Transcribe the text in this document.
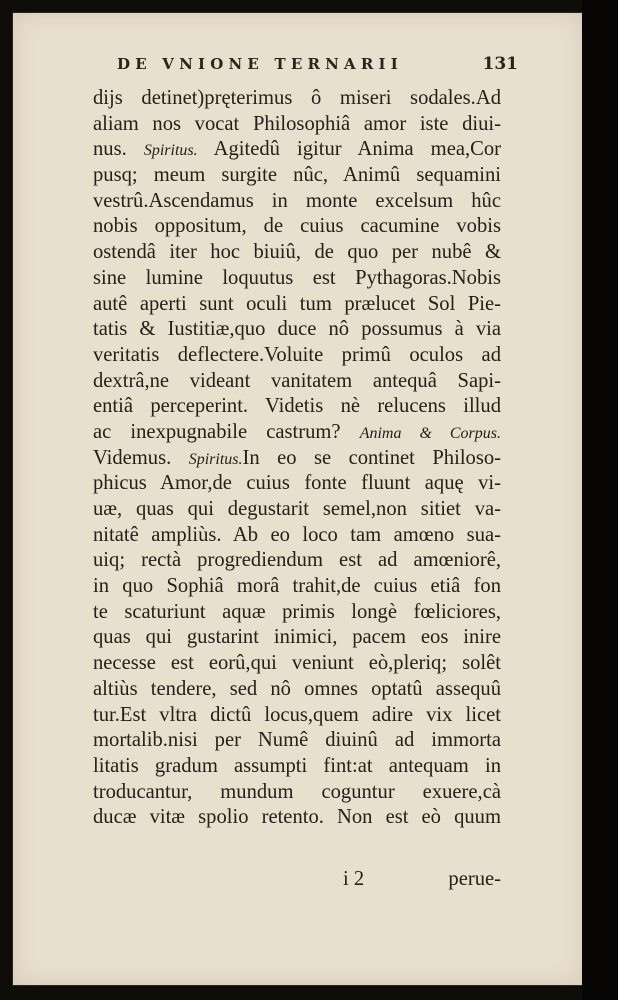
DE VNIONE TERNARII	131
dijs detinet)pręterimus ô miseri sodales.Ad
aliam nos vocat Philosophiâ amor iste diui-
nus. Spiritus. Agitedû igitur Anima mea,Cor
pusq; meum surgite nûc, Animû sequamini
vestrû.Ascendamus in monte excelsum hûc
nobis oppositum, de cuius cacumine vobis
ostendâ iter hoc biuiû, de quo per nubê &
sine lumine loquutus est Pythagoras.Nobis
autê aperti sunt oculi tum prælucet Sol Pie-
tatis & Iustitiæ,quo duce nô possumus à via
veritatis deflectere.Voluite primû oculos ad
dextrâ,ne videant vanitatem antequâ Sapi-
entiâ perceperint. Videtis nè relucens illud
ac inexpugnabile castrum? Anima & Corpus.
Videmus. Spiritus.In eo se continet Philoso-
phicus Amor,de cuius fonte fluunt aquę vi-
uæ, quas qui degustarit semel,non sitiet va-
nitatê ampliùs. Ab eo loco tam amœno sua-
uiq; rectà progrediendum est ad amœniorê,
in quo Sophiâ morâ trahit,de cuius etiâ fon
te scaturiunt aquæ primis longè fœliciores,
quas qui gustarint inimici, pacem eos inire
necesse est eorû,qui veniunt eò,pleriq; solêt
altiùs tendere, sed nô omnes optatû assequû
tur.Est vltra dictû locus,quem adire vix licet
mortalib.nisi per Numê diuinû ad immorta
litatis gradum assumpti fint:at antequam in
troducantur, mundum coguntur exuere,cà
ducæ vitæ spolio retento. Non est eò quum
i 2	perue-
